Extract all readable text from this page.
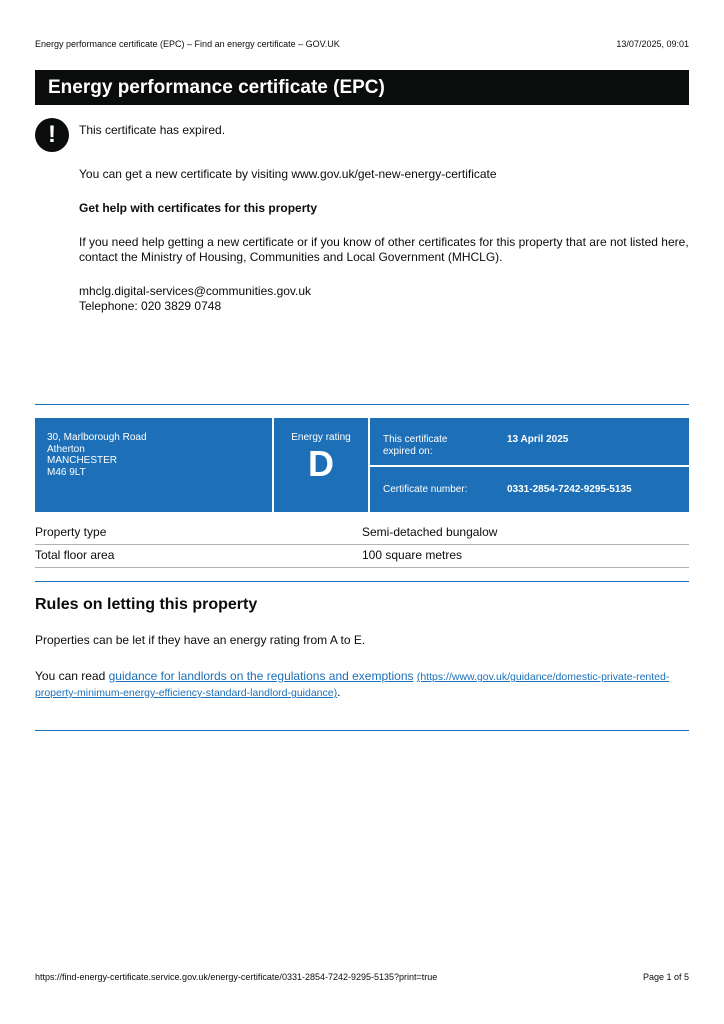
Energy performance certificate (EPC) – Find an energy certificate – GOV.UK	13/07/2025, 09:01
Energy performance certificate (EPC)
!	This certificate has expired.
You can get a new certificate by visiting www.gov.uk/get-new-energy-certificate
Get help with certificates for this property
If you need help getting a new certificate or if you know of other certificates for this property that are not listed here, contact the Ministry of Housing, Communities and Local Government (MHCLG).
mhclg.digital-services@communities.gov.uk
Telephone: 020 3829 0748
30, Marlborough Road
Atherton
MANCHESTER
M46 9LT
Energy rating
D
This certificate
expired on:
13 April 2025
Certificate number:	0331-2854-7242-9295-5135
Property type	Semi-detached bungalow
Total floor area	100 square metres
Rules on letting this property
Properties can be let if they have an energy rating from A to E.
You can read guidance for landlords on the regulations and exemptions (https://www.gov.uk/guidance/domestic-private-rented-property-minimum-energy-efficiency-standard-landlord-guidance).
https://find-energy-certificate.service.gov.uk/energy-certificate/0331-2854-7242-9295-5135?print=true	Page 1 of 5
